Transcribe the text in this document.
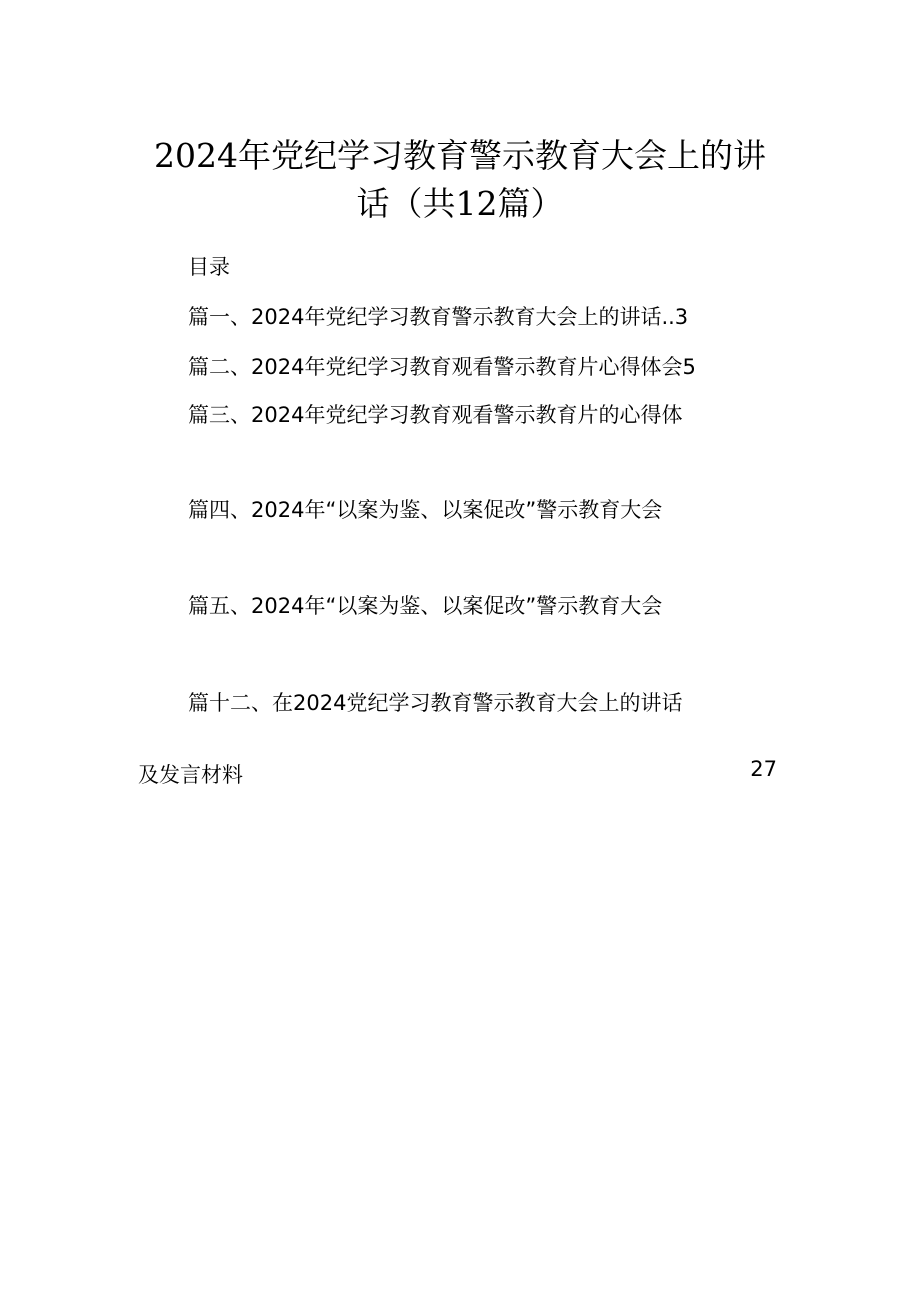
2024年党纪学习教育警示教育大会上的讲
话（共12篇）
目录
篇一、2024年党纪学习教育警示教育大会上的讲话..3
篇二、2024年党纪学习教育观看警示教育片心得体会5
篇三、2024年党纪学习教育观看警示教育片的心得体
篇四、2024年“以案为鉴、以案促改”警示教育大会
篇五、2024年“以案为鉴、以案促改”警示教育大会
篇十二、在2024党纪学习教育警示教育大会上的讲话
及发言材料	27
